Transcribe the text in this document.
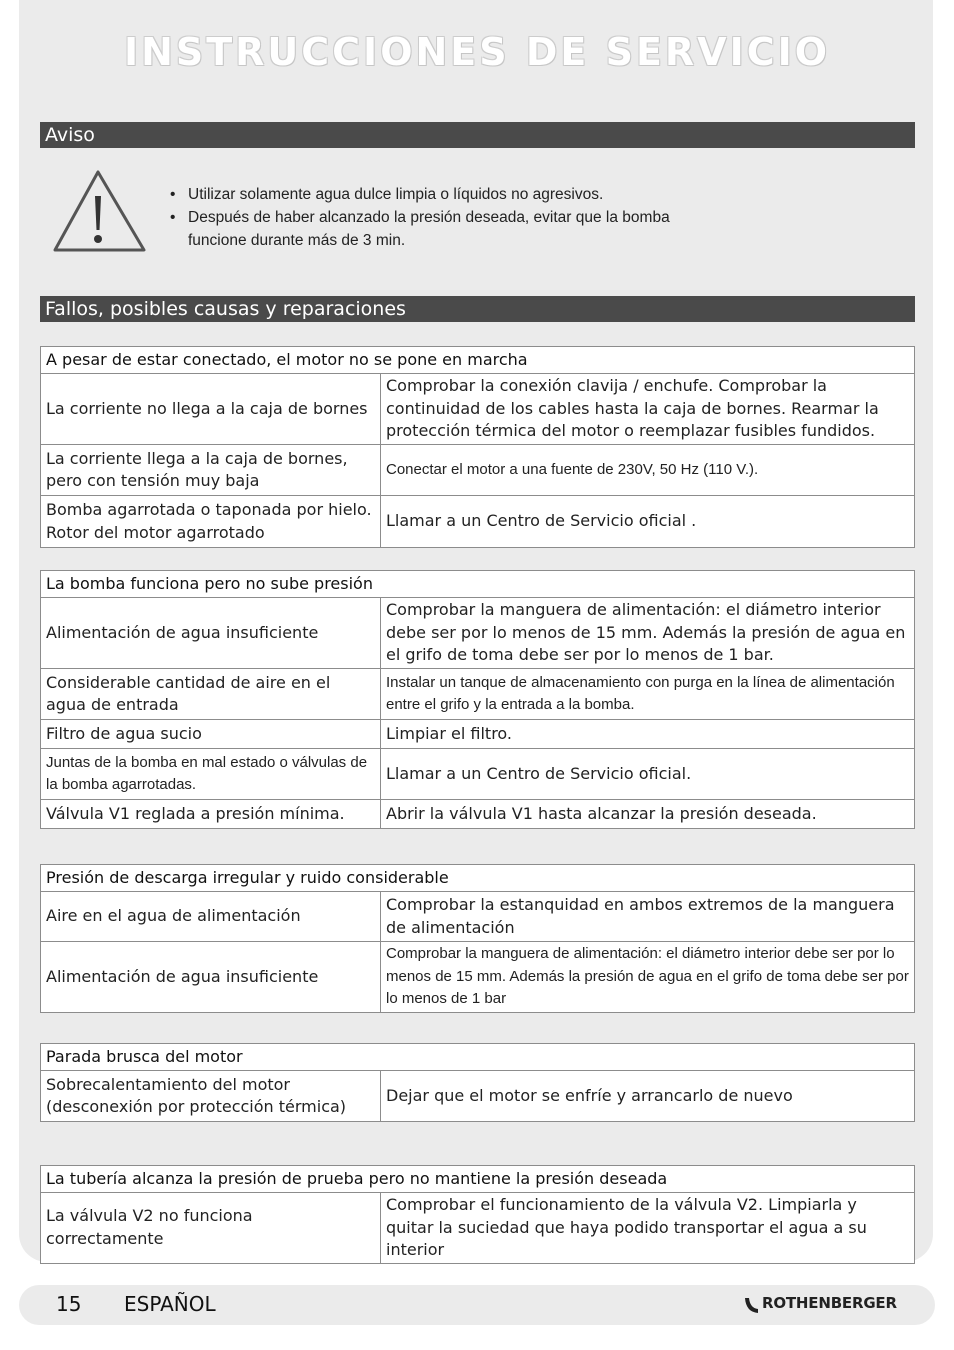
INSTRUCCIONES DE SERVICIO
Aviso
• Utilizar solamente agua dulce limpia o líquidos no agresivos.
• Después de haber alcanzado la presión deseada, evitar que la bomba
funcione durante más de 3 min.
Fallos, posibles causas y reparaciones
A pesar de estar conectado, el motor no se pone en marcha	
La corriente no llega a la caja de bornes	Comprobar la conexión clavija / enchufe. Comprobar la continuidad de los cables hasta la caja de bornes. Rearmar la protección térmica del motor o reemplazar fusibles fundidos.
La corriente llega a la caja de bornes, pero con tensión muy baja	Conectar el motor a una fuente de 230V, 50 Hz (110 V.).
Bomba agarrotada o taponada por hielo. Rotor del motor agarrotado	Llamar a un Centro de Servicio oficial .
La bomba funciona pero no sube presión	
Alimentación de agua insuficiente	Comprobar la manguera de alimentación: el diámetro interior debe ser por lo menos de 15 mm. Además la presión de agua en el grifo de toma debe ser por lo menos de 1 bar.
Considerable cantidad de aire en el agua de entrada	Instalar un tanque de almacenamiento con purga en la línea de alimentación entre el grifo y la entrada a la bomba.
Filtro de agua sucio	Limpiar el filtro.
Juntas de la bomba en mal estado o válvulas de la bomba agarrotadas.	Llamar a un Centro de Servicio oficial.
Válvula V1 reglada a presión mínima.	Abrir la válvula V1 hasta alcanzar la presión deseada.
Presión de descarga irregular y ruido considerable	
Aire en el agua de alimentación	Comprobar la estanquidad en ambos extremos de la manguera de alimentación
Alimentación de agua insuficiente	Comprobar la manguera de alimentación: el diámetro interior debe ser por lo menos de 15 mm. Además la presión de agua en el grifo de toma debe ser por lo menos de 1 bar
Parada brusca del motor
Sobrecalentamiento del motor (desconexión por protección térmica)	Dejar que el motor se enfríe y arrancarlo de nuevo
La tubería alcanza la presión de prueba pero no mantiene la presión deseada
La válvula V2 no funciona correctamente	Comprobar el funcionamiento de la válvula V2. Limpiarla y quitar la suciedad que haya podido transportar el agua a su interior
15 ESPAÑOL	ROTHENBERGER
